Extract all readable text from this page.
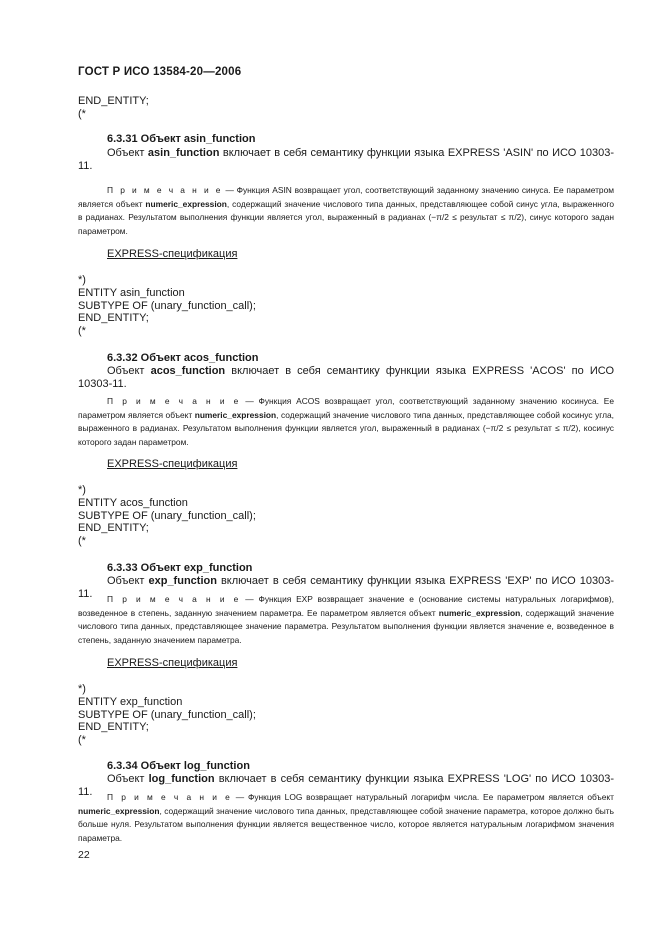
ГОСТ Р ИСО 13584-20—2006
END_ENTITY;
(*
6.3.31 Объект asin_function
Объект asin_function включает в себя семантику функции языка EXPRESS 'ASIN' по ИСО 10303-11.
П р и м е ч а н и е — Функция ASIN возвращает угол, соответствующий заданному значению синуса. Ее параметром является объект numeric_expression, содержащий значение числового типа данных, представляющее собой синус угла, выраженного в радианах. Результатом выполнения функции является угол, выраженный в радианах (−π/2 ≤ результат ≤ π/2), синус которого задан параметром.
EXPRESS-спецификация
*)
ENTITY asin_function
SUBTYPE OF (unary_function_call);
END_ENTITY;
(*
6.3.32 Объект acos_function
Объект acos_function включает в себя семантику функции языка EXPRESS 'ACOS' по ИСО 10303-11.
П р и м е ч а н и е — Функция ACOS возвращает угол, соответствующий заданному значению косинуса. Ее параметром является объект numeric_expression, содержащий значение числового типа данных, представляющее собой косинус угла, выраженного в радианах. Результатом выполнения функции является угол, выраженный в радианах (−π/2 ≤ результат ≤ π/2), косинус которого задан параметром.
EXPRESS-спецификация
*)
ENTITY acos_function
SUBTYPE OF (unary_function_call);
END_ENTITY;
(*
6.3.33 Объект exp_function
Объект exp_function включает в себя семантику функции языка EXPRESS 'EXP' по ИСО 10303-11.	П р и м е ч а н и е — Функция EXP возвращает значение e (основание системы натуральных логарифмов), возведенное в степень, заданную значением параметра. Ее параметром является объект numeric_expression, содержащий значение числового типа данных, представляющее значение параметра. Результатом выполнения функции является значение e, возведенное в степень, заданную значением параметра.
EXPRESS-спецификация
*)
ENTITY exp_function
SUBTYPE OF (unary_function_call);
END_ENTITY;
(*
6.3.34 Объект log_function
Объект log_function включает в себя семантику функции языка EXPRESS 'LOG' по ИСО 10303-11.	П р и м е ч а н и е — Функция LOG возвращает натуральный логарифм числа. Ее параметром является объект numeric_expression, содержащий значение числового типа данных, представляющее собой значение параметра, которое должно быть больше нуля. Результатом выполнения функции является вещественное число, которое является натуральным логарифмом значения параметра.
22
